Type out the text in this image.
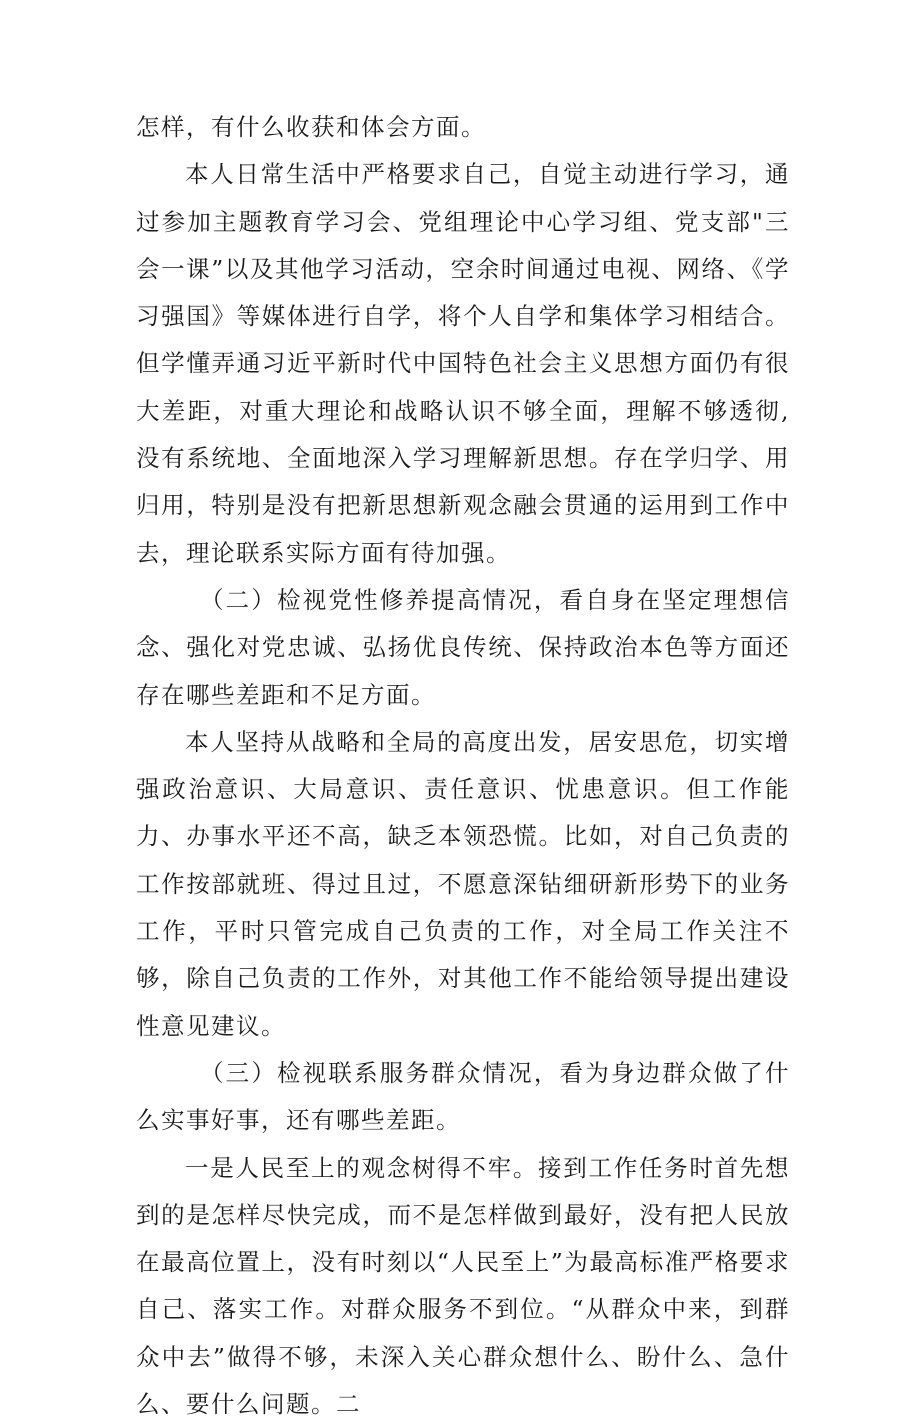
怎样，有什么收获和体会方面。

本人日常生活中严格要求自己，自觉主动进行学习，通过参加主题教育学习会、党组理论中心学习组、党支部"三会一课”以及其他学习活动，空余时间通过电视、网络、《学习强国》等媒体进行自学，将个人自学和集体学习相结合。但学懂弄通习近平新时代中国特色社会主义思想方面仍有很大差距，对重大理论和战略认识不够全面，理解不够透彻,没有系统地、全面地深入学习理解新思想。存在学归学、用归用，特别是没有把新思想新观念融会贯通的运用到工作中去，理论联系实际方面有待加强。

（二）检视党性修养提高情况，看自身在坚定理想信念、强化对党忠诚、弘扬优良传统、保持政治本色等方面还存在哪些差距和不足方面。

本人坚持从战略和全局的高度出发，居安思危，切实增强政治意识、大局意识、责任意识、忧患意识。但工作能力、办事水平还不高，缺乏本领恐慌。比如，对自己负责的工作按部就班、得过且过，不愿意深钻细研新形势下的业务工作，平时只管完成自己负责的工作，对全局工作关注不够，除自己负责的工作外，对其他工作不能给领导提出建设性意见建议。

（三）检视联系服务群众情况，看为身边群众做了什么实事好事，还有哪些差距。

一是人民至上的观念树得不牢。接到工作任务时首先想到的是怎样尽快完成，而不是怎样做到最好，没有把人民放在最高位置上，没有时刻以“人民至上”为最高标准严格要求自己、落实工作。对群众服务不到位。“从群众中来，到群众中去”做得不够，未深入关心群众想什么、盼什么、急什么、要什么问题。二
